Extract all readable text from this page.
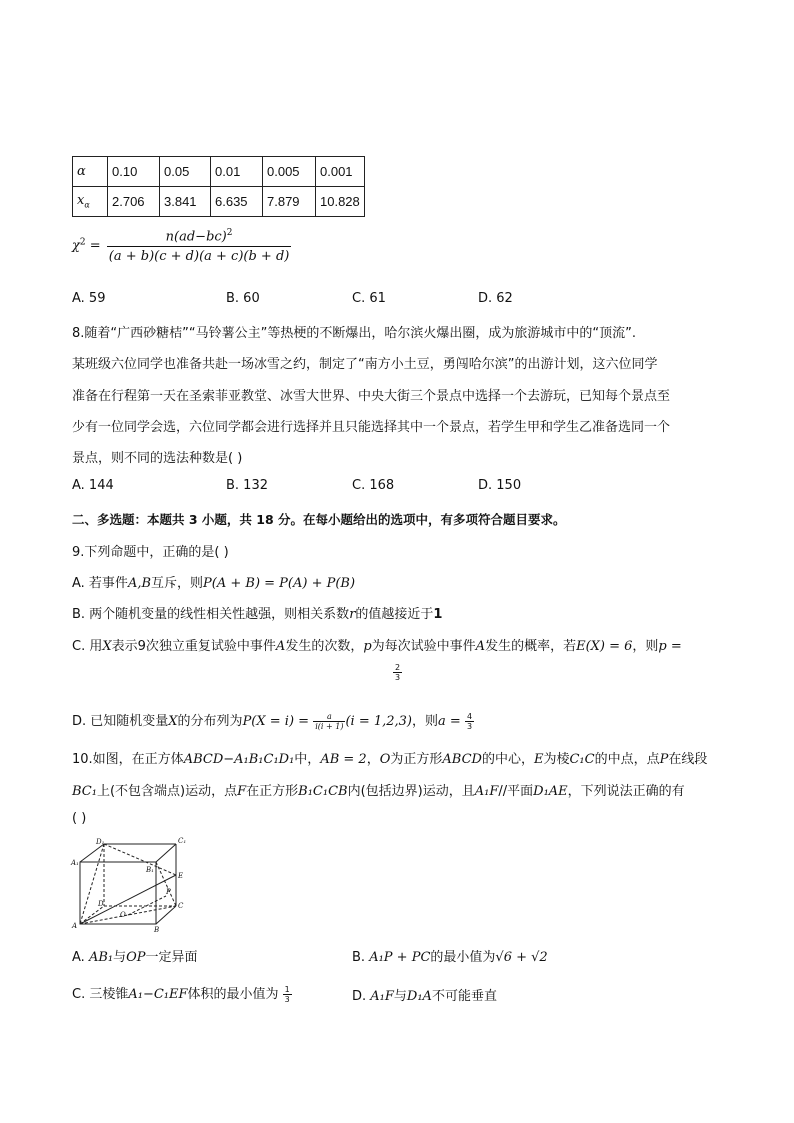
α	0.10	0.05	0.01	0.005	0.001
$x_\alpha$	2.706	3.841	6.635	7.879	10.828
$\chi^2 = \frac{n(ad-bc)^2}{(a + b)(c + d)(a + c)(b + d)}$
A. 59	B. 60	C. 61	D. 62
8.随着“广西砂糖桔”“马铃薯公主”等热梗的不断爆出，哈尔滨火爆出圈，成为旅游城市中的“顶流”.
某班级六位同学也准备共赴一场冰雪之约，制定了“南方小土豆，勇闯哈尔滨”的出游计划，这六位同学
准备在行程第一天在圣索菲亚教堂、冰雪大世界、中央大街三个景点中选择一个去游玩，已知每个景点至
少有一位同学会选，六位同学都会进行选择并且只能选择其中一个景点，若学生甲和学生乙准备选同一个
景点，则不同的选法种数是( )
A. 144	B. 132	C. 168	D. 150
二、多选题：本题共 3 小题，共 18 分。在每小题给出的选项中，有多项符合题目要求。
9.下列命题中，正确的是( )
A. 若事件A,B互斥，则P(A + B) = P(A) + P(B)
B. 两个随机变量的线性相关性越强，则相关系数r的值越接近于1
C. 用X表示9次独立重复试验中事件A发生的次数，p为每次试验中事件A发生的概率，若E(X) = 6，则p =
$\frac{2}{3}$
D. 已知随机变量X的分布列为$P(X = i) = \frac{a}{i(i + 1)} (i = 1,2,3)$，则$a = \frac{4}{3}$
10.如图，在正方体ABCD−A₁B₁C₁D₁中，AB = 2，O为正方形ABCD的中心，E为棱C₁C的中点，点P在线段
BC₁上(不包含端点)运动，点F在正方形B₁C₁CB内(包括边界)运动，且A₁F//平面D₁AE，下列说法正确的有
( )
D₁	C₁
A₁
B₁
E
P
D	C
O
A	B
A. AB₁与OP一定异面	B. A₁P + PC的最小值为√6 + √2
C. 三棱锥A₁−C₁EF体积的最小值为 $\frac{1}{3}$	D. A₁F与D₁A不可能垂直
